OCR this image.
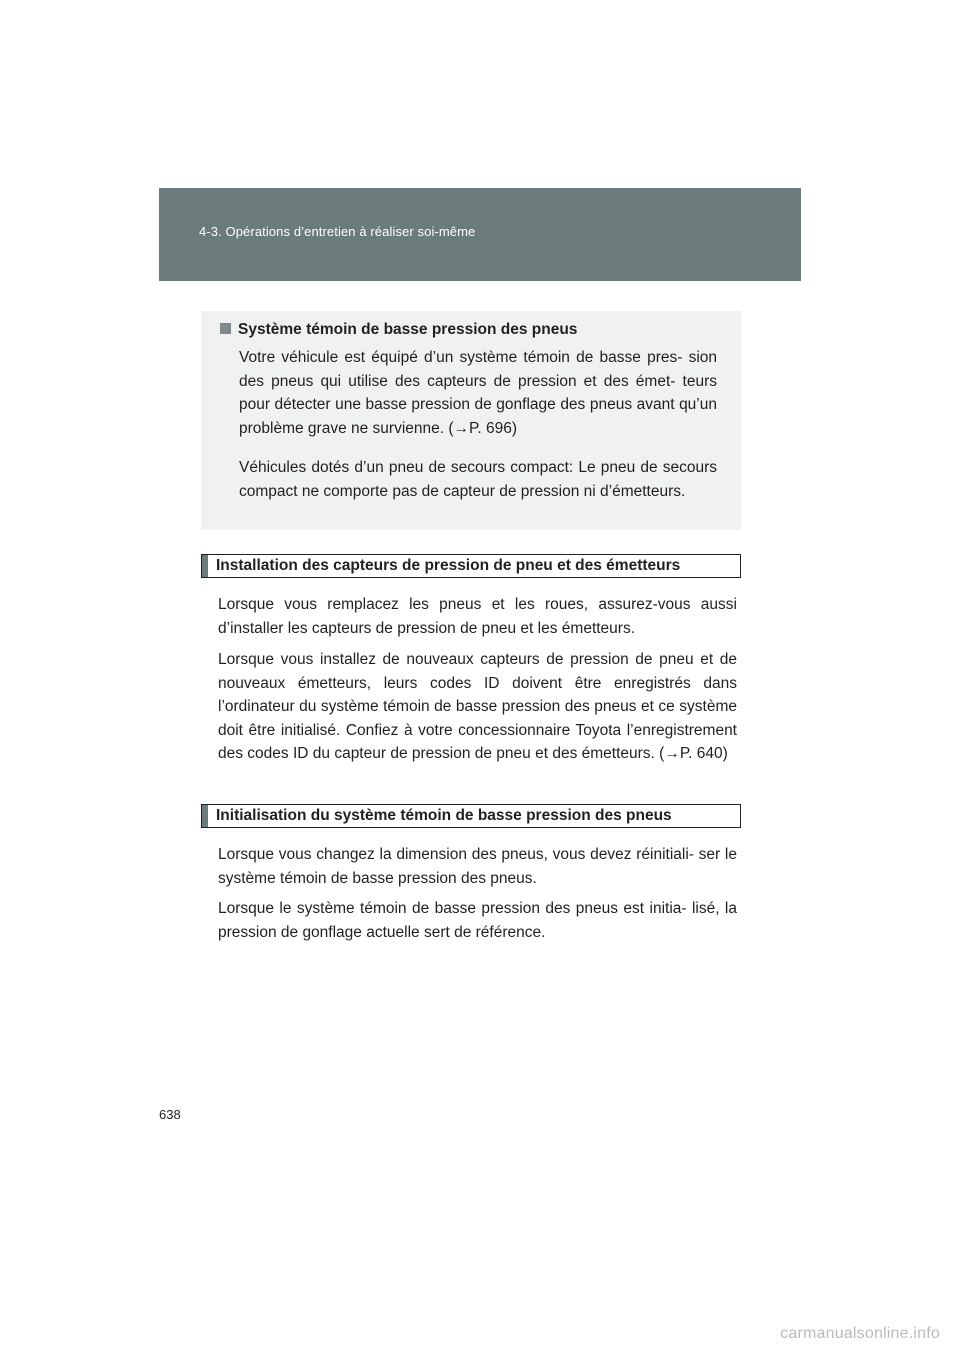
4-3. Opérations d’entretien à réaliser soi-même
Système témoin de basse pression des pneus

Votre véhicule est équipé d’un système témoin de basse pres- sion des pneus qui utilise des capteurs de pression et des émet- teurs pour détecter une basse pression de gonflage des pneus avant qu’un problème grave ne survienne. (→P. 696)

Véhicules dotés d’un pneu de secours compact: Le pneu de secours compact ne comporte pas de capteur de pression ni d’émetteurs.

Installation des capteurs de pression de pneu et des émetteurs

Lorsque vous remplacez les pneus et les roues, assurez-vous aussi d’installer les capteurs de pression de pneu et les émetteurs.

Lorsque vous installez de nouveaux capteurs de pression de pneu et de nouveaux émetteurs, leurs codes ID doivent être enregistrés dans l’ordinateur du système témoin de basse pression des pneus et ce système doit être initialisé. Confiez à votre concessionnaire Toyota l’enregistrement des codes ID du capteur de pression de pneu et des émetteurs. (→P. 640)

Initialisation du système témoin de basse pression des pneus

Lorsque vous changez la dimension des pneus, vous devez réinitiali- ser le système témoin de basse pression des pneus.

Lorsque le système témoin de basse pression des pneus est initia- lisé, la pression de gonflage actuelle sert de référence.

638
carmanualsonline.info
